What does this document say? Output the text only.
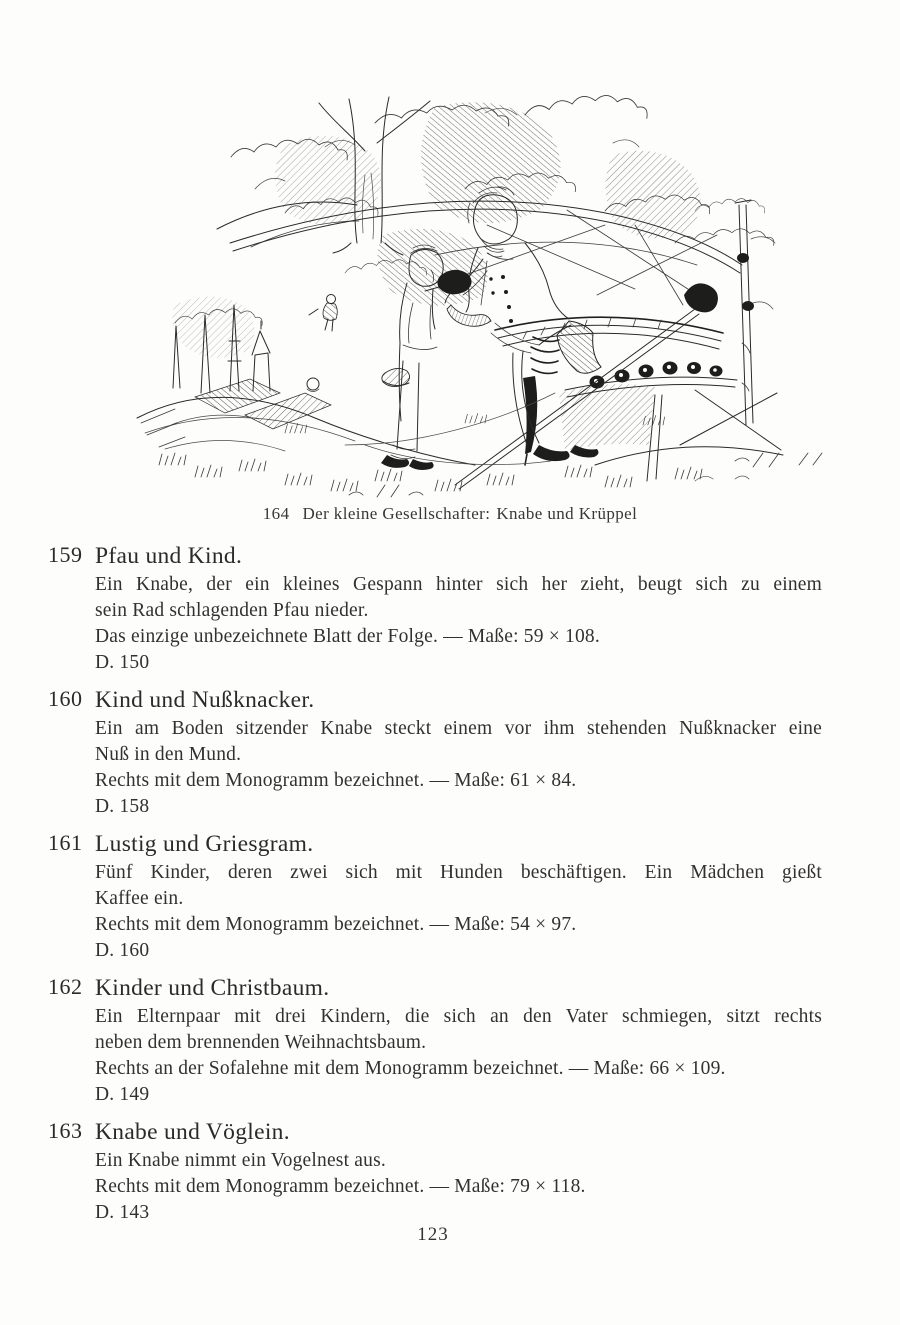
164 Der kleine Gesellschafter: Knabe und Krüppel
159 Pfau und Kind.
Ein Knabe, der ein kleines Gespann hinter sich her zieht, beugt sich zu einem
sein Rad schlagenden Pfau nieder.
Das einzige unbezeichnete Blatt der Folge. — Maße: 59 × 108.
D. 150
160 Kind und Nußknacker.
Ein am Boden sitzender Knabe steckt einem vor ihm stehenden Nußknacker eine
Nuß in den Mund.
Rechts mit dem Monogramm bezeichnet. — Maße: 61 × 84.
D. 158
161 Lustig und Griesgram.
Fünf Kinder, deren zwei sich mit Hunden beschäftigen. Ein Mädchen gießt
Kaffee ein.
Rechts mit dem Monogramm bezeichnet. — Maße: 54 × 97.
D. 160
162 Kinder und Christbaum.
Ein Elternpaar mit drei Kindern, die sich an den Vater schmiegen, sitzt rechts
neben dem brennenden Weihnachtsbaum.
Rechts an der Sofalehne mit dem Monogramm bezeichnet. — Maße: 66 × 109.
D. 149
163 Knabe und Vöglein.
Ein Knabe nimmt ein Vogelnest aus.
Rechts mit dem Monogramm bezeichnet. — Maße: 79 × 118.
D. 143
123
